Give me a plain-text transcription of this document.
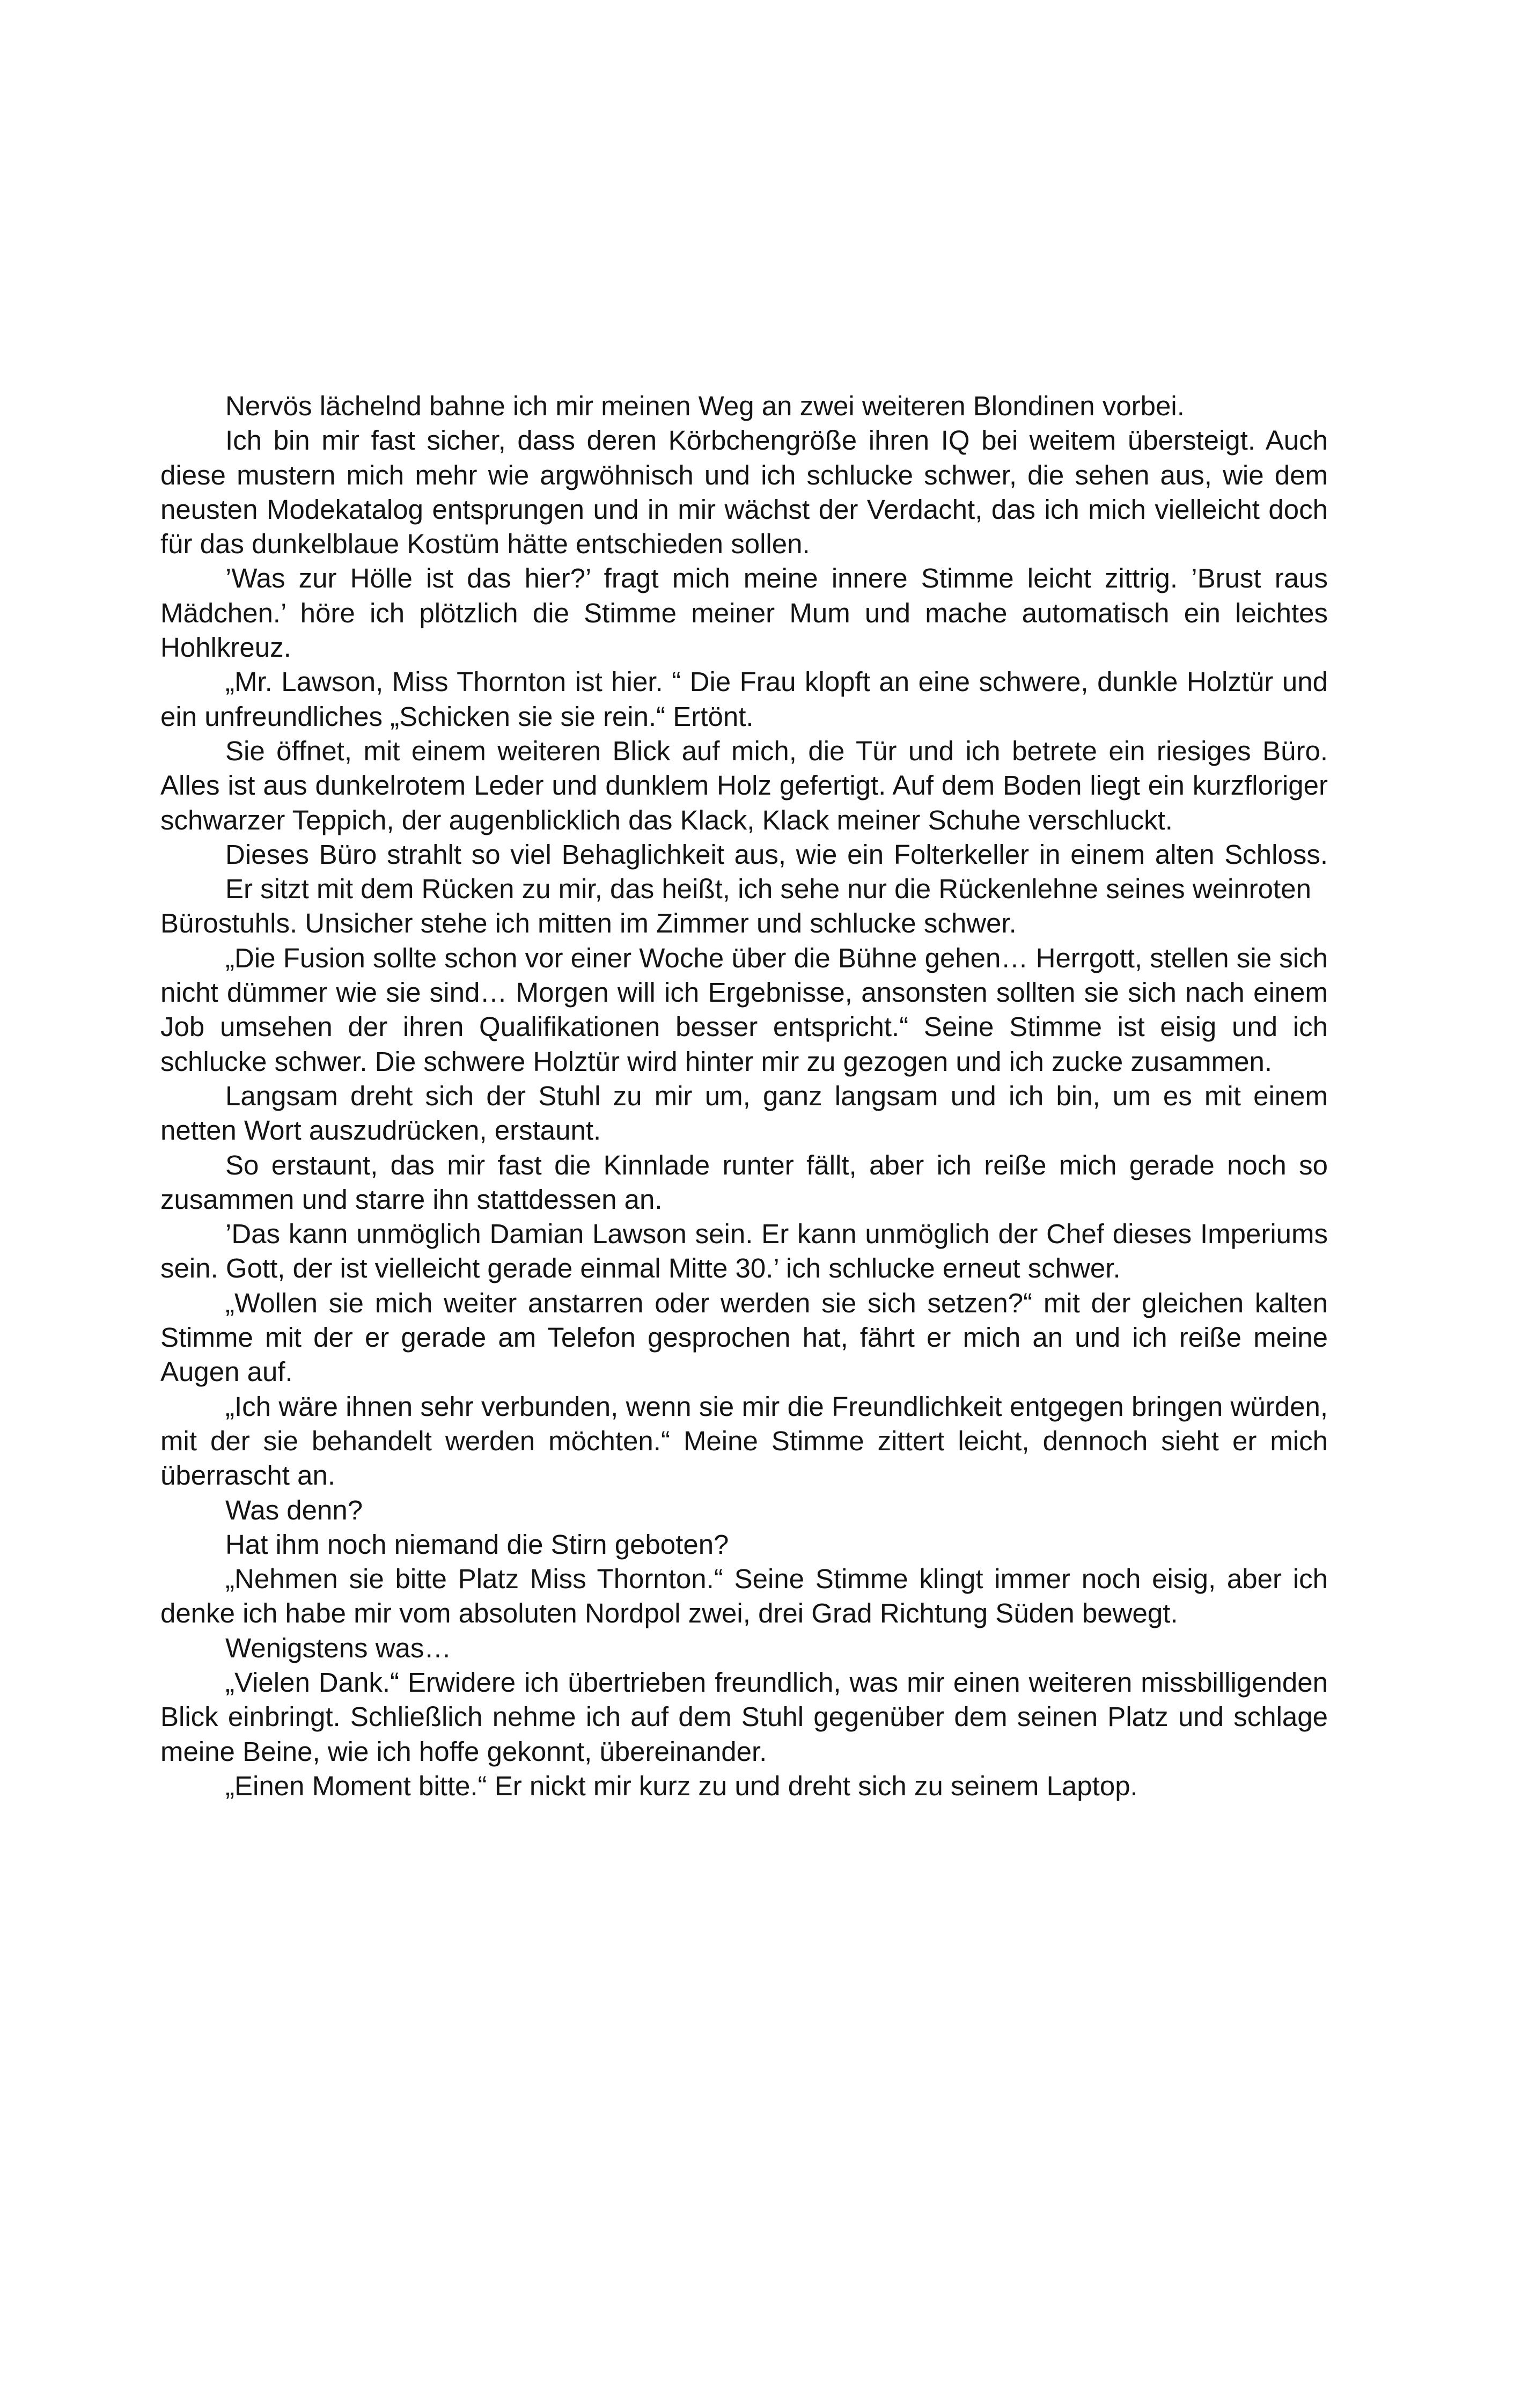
Nervös lächelnd bahne ich mir meinen Weg an zwei weiteren Blondinen vorbei.

Ich bin mir fast sicher, dass deren Körbchengröße ihren IQ bei weitem übersteigt. Auch diese mustern mich mehr wie argwöhnisch und ich schlucke schwer, die sehen aus, wie dem neusten Modekatalog entsprungen und in mir wächst der Verdacht, das ich mich vielleicht doch für das dunkelblaue Kostüm hätte entschieden sollen.

’Was zur Hölle ist das hier?’ fragt mich meine innere Stimme leicht zittrig. ’Brust raus Mädchen.’ höre ich plötzlich die Stimme meiner Mum und mache automatisch ein leichtes Hohlkreuz.

„Mr. Lawson, Miss Thornton ist hier. “ Die Frau klopft an eine schwere, dunkle Holztür und ein unfreundliches „Schicken sie sie rein.“ Ertönt.

Sie öffnet, mit einem weiteren Blick auf mich, die Tür und ich betrete ein riesiges Büro. Alles ist aus dunkelrotem Leder und dunklem Holz gefertigt. Auf dem Boden liegt ein kurzfloriger schwarzer Teppich, der augenblicklich das Klack, Klack meiner Schuhe verschluckt.

Dieses Büro strahlt so viel Behaglichkeit aus, wie ein Folterkeller in einem alten Schloss. Er sitzt mit dem Rücken zu mir, das heißt, ich sehe nur die Rückenlehne seines weinroten

Bürostuhls. Unsicher stehe ich mitten im Zimmer und schlucke schwer.

„Die Fusion sollte schon vor einer Woche über die Bühne gehen… Herrgott, stellen sie sich nicht dümmer wie sie sind… Morgen will ich Ergebnisse, ansonsten sollten sie sich nach einem Job umsehen der ihren Qualifikationen besser entspricht.“ Seine Stimme ist eisig und ich schlucke schwer. Die schwere Holztür wird hinter mir zu gezogen und ich zucke zusammen.

Langsam dreht sich der Stuhl zu mir um, ganz langsam und ich bin, um es mit einem netten Wort auszudrücken, erstaunt.

So erstaunt, das mir fast die Kinnlade runter fällt, aber ich reiße mich gerade noch so zusammen und starre ihn stattdessen an.

’Das kann unmöglich Damian Lawson sein. Er kann unmöglich der Chef dieses Imperiums sein. Gott, der ist vielleicht gerade einmal Mitte 30.’ ich schlucke erneut schwer.

„Wollen sie mich weiter anstarren oder werden sie sich setzen?“ mit der gleichen kalten Stimme mit der er gerade am Telefon gesprochen hat, fährt er mich an und ich reiße meine Augen auf.

„Ich wäre ihnen sehr verbunden, wenn sie mir die Freundlichkeit entgegen bringen würden, mit der sie behandelt werden möchten.“ Meine Stimme zittert leicht, dennoch sieht er mich überrascht an.

Was denn?

Hat ihm noch niemand die Stirn geboten?

„Nehmen sie bitte Platz Miss Thornton.“ Seine Stimme klingt immer noch eisig, aber ich denke ich habe mir vom absoluten Nordpol zwei, drei Grad Richtung Süden bewegt.

Wenigstens was…

„Vielen Dank.“ Erwidere ich übertrieben freundlich, was mir einen weiteren missbilligenden Blick einbringt. Schließlich nehme ich auf dem Stuhl gegenüber dem seinen Platz und schlage meine Beine, wie ich hoffe gekonnt, übereinander.

„Einen Moment bitte.“ Er nickt mir kurz zu und dreht sich zu seinem Laptop.
